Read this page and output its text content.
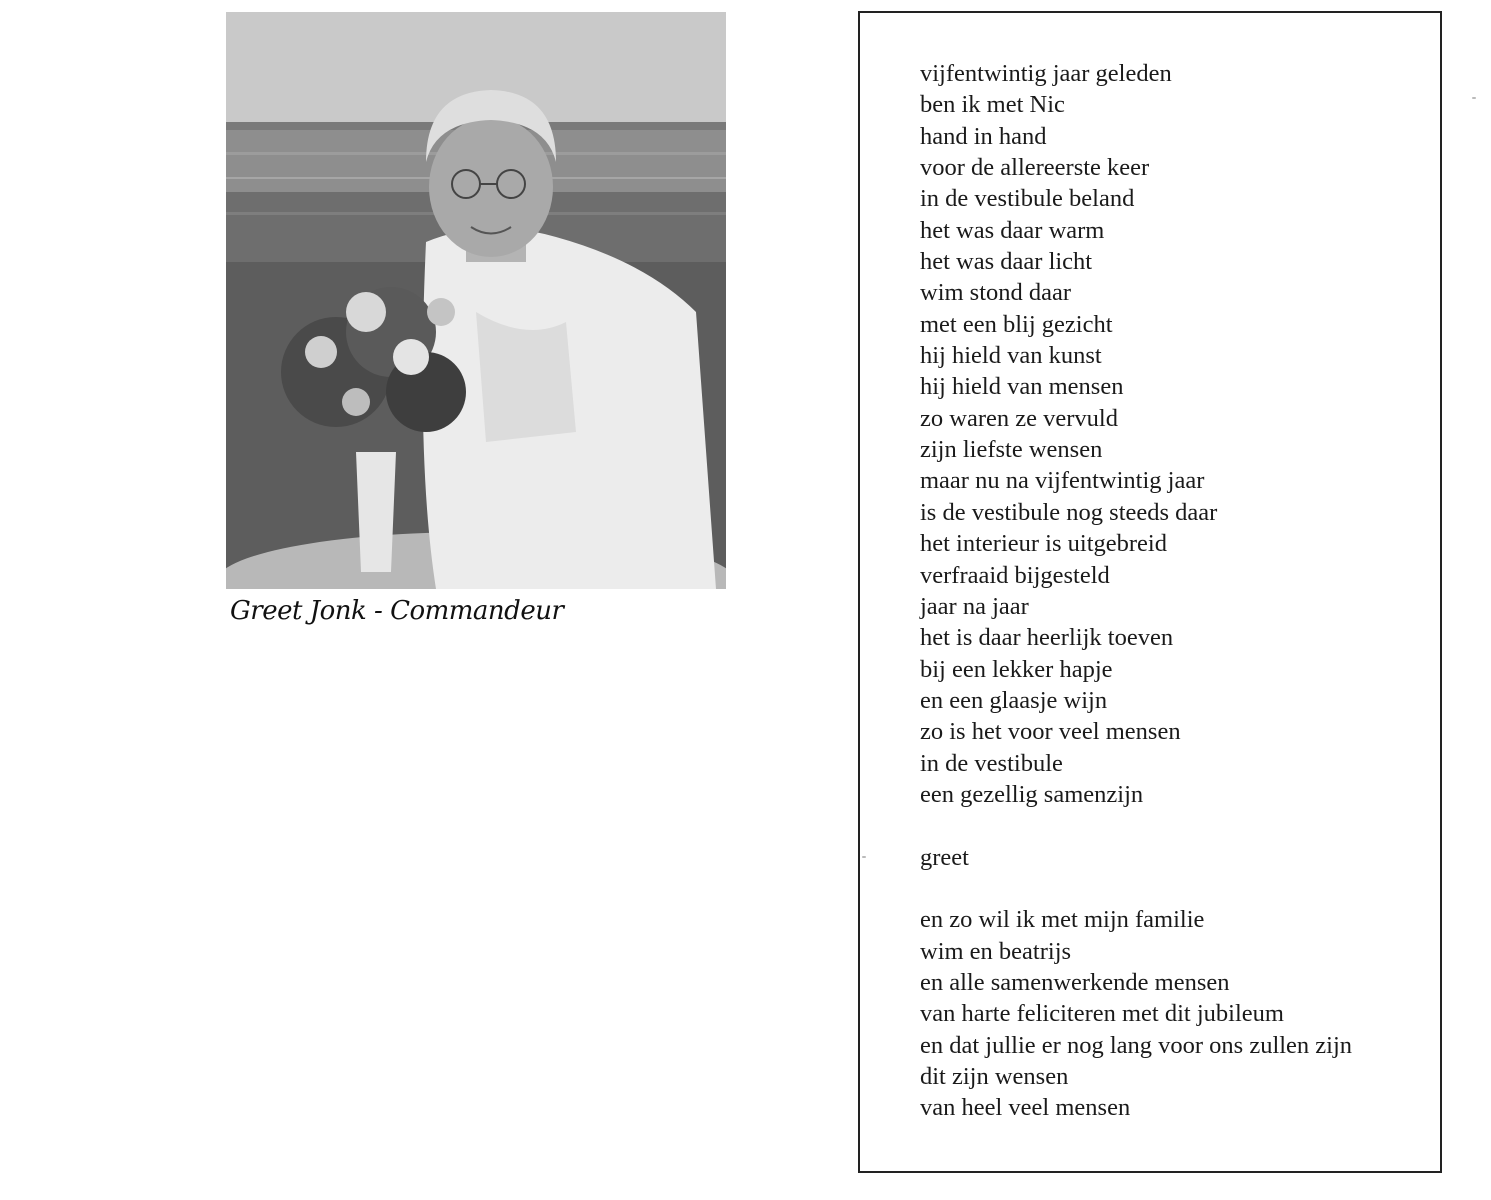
Greet Jonk - Commandeur
vijfentwintig jaar geleden
ben ik met Nic
hand in hand
voor de allereerste keer
in de vestibule beland
het was daar warm
het was daar licht
wim stond daar
met een blij gezicht
hij hield van kunst
hij hield van mensen
zo waren ze vervuld
zijn liefste wensen
maar nu na vijfentwintig jaar
is de vestibule nog steeds daar
het interieur is uitgebreid
verfraaid bijgesteld
jaar na jaar
het is daar heerlijk toeven
bij een lekker hapje
en een glaasje wijn
zo is het voor veel mensen
in de vestibule
een gezellig samenzijn
greet
en zo wil ik met mijn familie
wim en beatrijs
en alle samenwerkende mensen
van harte feliciteren met dit jubileum
en dat jullie er nog lang voor ons zullen zijn
dit zijn wensen
van heel veel mensen
